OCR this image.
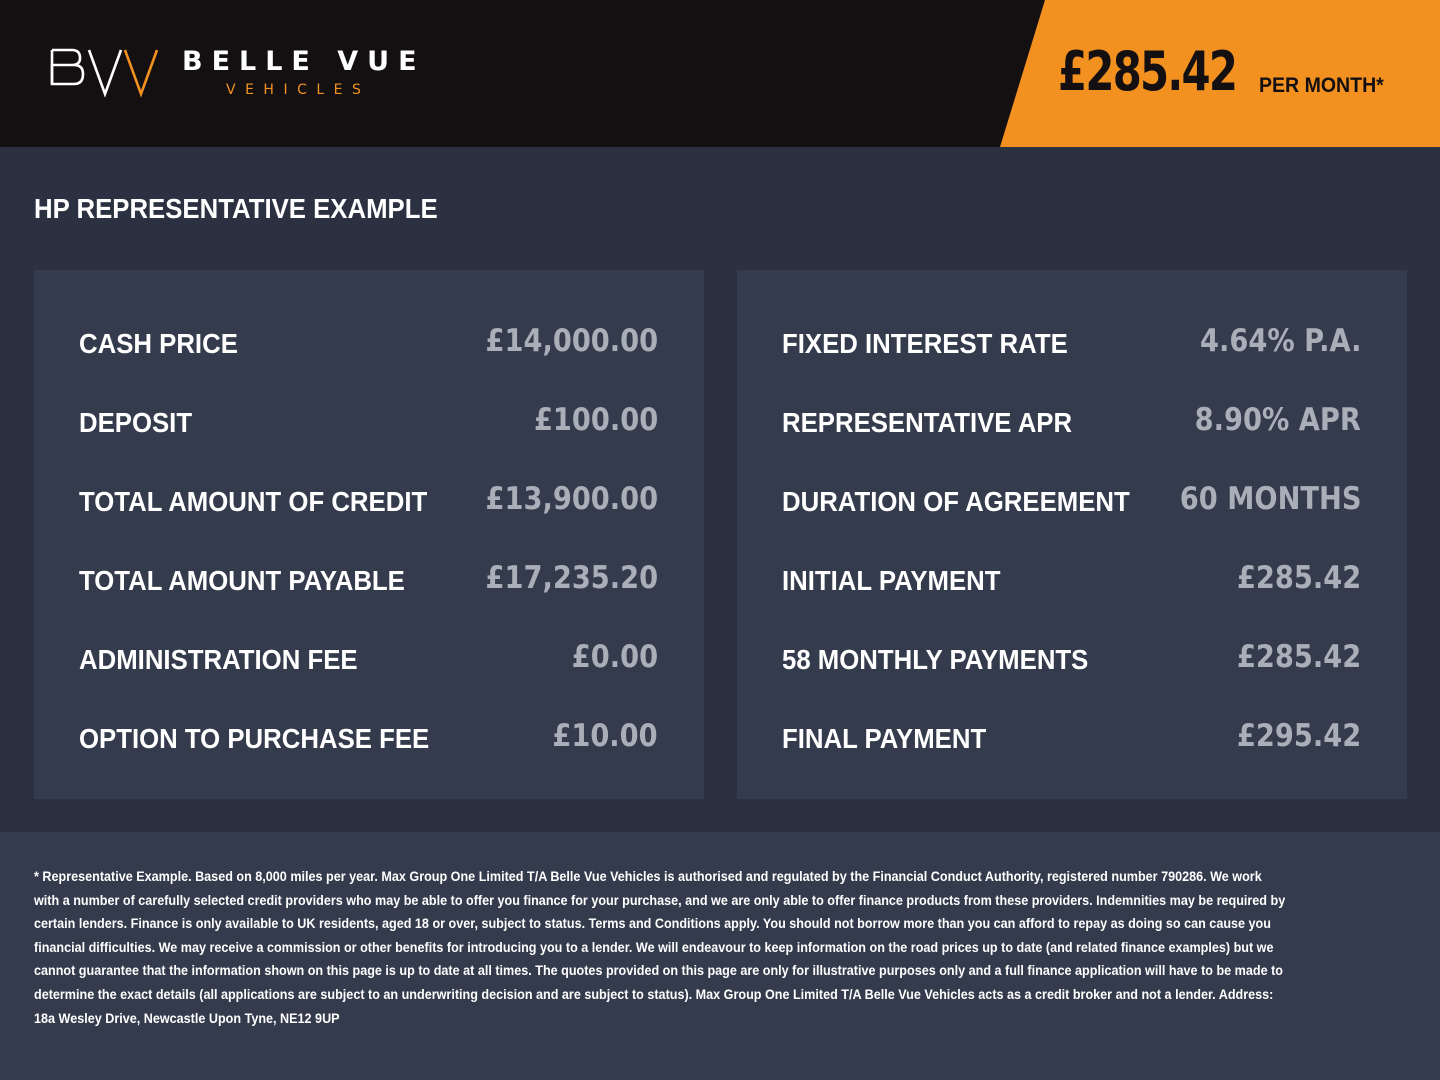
BELLE VUE
VEHICLES	£285.42 PER MONTH*
HP REPRESENTATIVE EXAMPLE
CASH PRICE	£14,000.00
DEPOSIT	£100.00
TOTAL AMOUNT OF CREDIT £13,900.00
TOTAL AMOUNT PAYABLE	£17,235.20
ADMINISTRATION FEE	£0.00
OPTION TO PURCHASE FEE	£10.00
FIXED INTEREST RATE	4.64% P.A.
REPRESENTATIVE APR	8.90% APR
DURATION OF AGREEMENT 60 MONTHS
INITIAL PAYMENT	£285.42
58 MONTHLY PAYMENTS	£285.42
FINAL PAYMENT	£295.42
* Representative Example. Based on 8,000 miles per year. Max Group One Limited T/A Belle Vue Vehicles is authorised and regulated by the Financial Conduct Authority, registered number 790286. We work with a number of carefully selected credit providers who may be able to offer you finance for your purchase, and we are only able to offer finance products from these providers. Indemnities may be required by certain lenders. Finance is only available to UK residents, aged 18 or over, subject to status. Terms and Conditions apply. You should not borrow more than you can afford to repay as doing so can cause you financial difficulties. We may receive a commission or other benefits for introducing you to a lender. We will endeavour to keep information on the road prices up to date (and related finance examples) but we cannot guarantee that the information shown on this page is up to date at all times. The quotes provided on this page are only for illustrative purposes only and a full finance application will have to be made to determine the exact details (all applications are subject to an underwriting decision and are subject to status). Max Group One Limited T/A Belle Vue Vehicles acts as a credit broker and not a lender. Address: 18a Wesley Drive, Newcastle Upon Tyne, NE12 9UP
